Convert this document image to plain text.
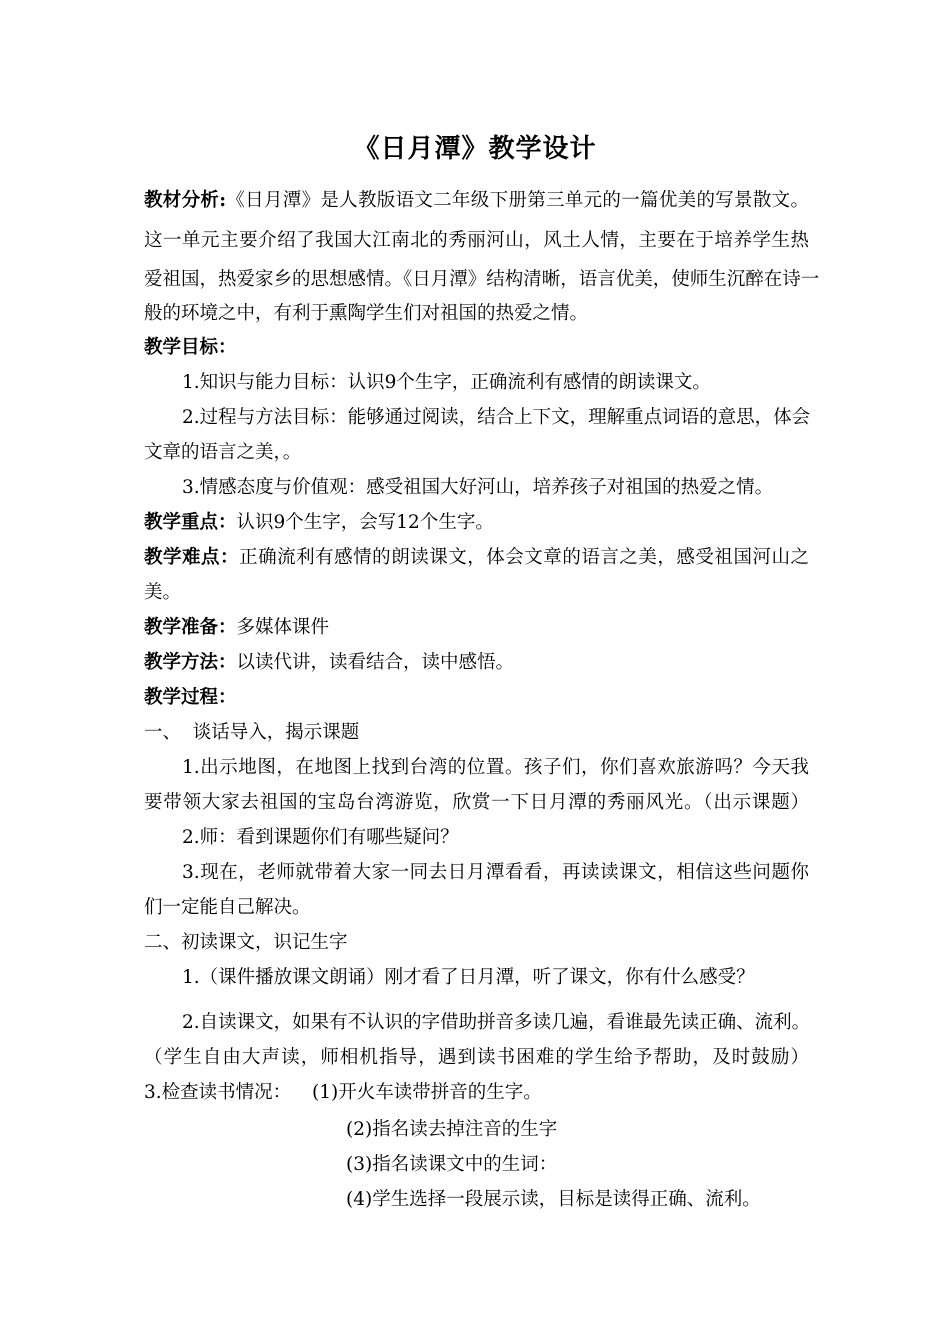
《日月潭》教学设计
教材分析:《日月潭》是人教版语文二年级下册第三单元的一篇优美的写景散文。
这一单元主要介绍了我国大江南北的秀丽河山，风土人情，主要在于培养学生热
爱祖国，热爱家乡的思想感情。《日月潭》结构清晰，语言优美，使师生沉醉在诗一
般的环境之中，有利于熏陶学生们对祖国的热爱之情。
教学目标：
1.知识与能力目标：认识9个生字，正确流利有感情的朗读课文。
2.过程与方法目标：能够通过阅读，结合上下文，理解重点词语的意思，体会
文章的语言之美，。
3.情感态度与价值观：感受祖国大好河山，培养孩子对祖国的热爱之情。
教学重点：认识9个生字，会写12个生字。
教学难点：正确流利有感情的朗读课文，体会文章的语言之美，感受祖国河山之
美。
教学准备：多媒体课件
教学方法：以读代讲，读看结合，读中感悟。
教学过程：
一、  谈话导入，揭示课题
1.出示地图，在地图上找到台湾的位置。孩子们，你们喜欢旅游吗？今天我
要带领大家去祖国的宝岛台湾游览，欣赏一下日月潭的秀丽风光。（出示课题）
2.师：看到课题你们有哪些疑问？
3.现在，老师就带着大家一同去日月潭看看，再读读课文，相信这些问题你
们一定能自己解决。
二、初读课文，识记生字
1.（课件播放课文朗诵）刚才看了日月潭，听了课文，你有什么感受？
2.自读课文，如果有不认识的字借助拼音多读几遍，看谁最先读正确、流利。
（学生自由大声读，师相机指导，遇到读书困难的学生给予帮助，及时鼓励）
3.检查读书情况：	(1)开火车读带拼音的生字。
(2)指名读去掉注音的生字
(3)指名读课文中的生词：
(4)学生选择一段展示读，目标是读得正确、流利。
